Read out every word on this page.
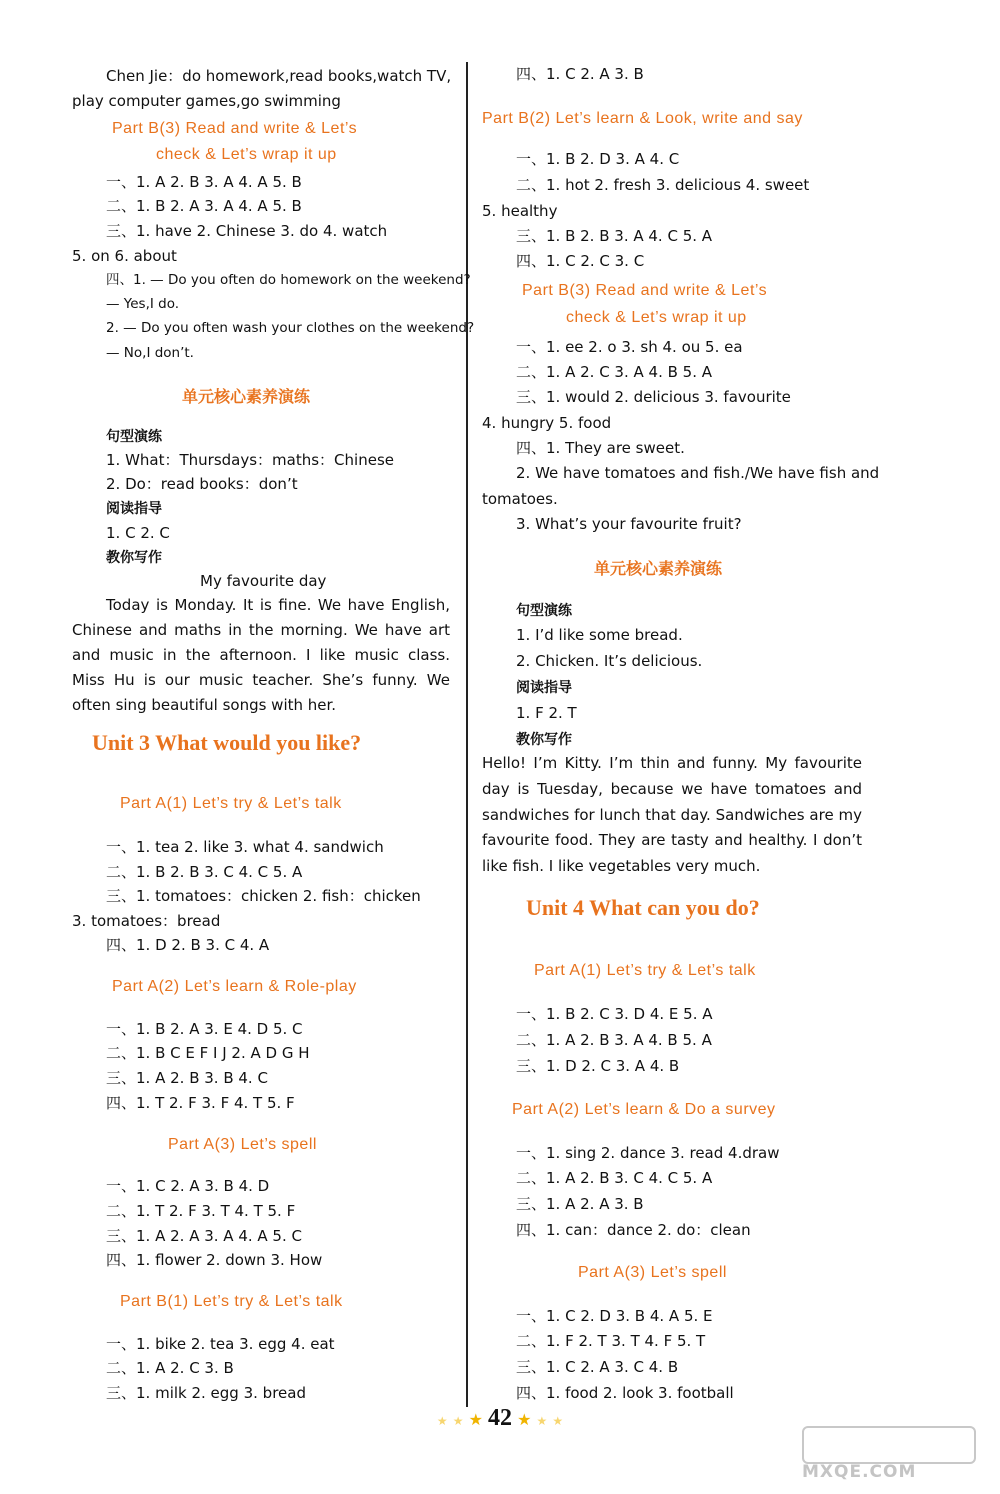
Chen Jie：do homework,read books,watch TV,
play computer games,go swimming
Part B(3) Read and write & Let’s
check & Let’s wrap it up
一、1. A 2. B 3. A 4. A 5. B
二、1. B 2. A 3. A 4. A 5. B
三、1. have 2. Chinese 3. do 4. watch
5. on 6. about
四、1. — Do you often do homework on the weekend?
— Yes,I do.
2. — Do you often wash your clothes on the weekend?
— No,I don’t.
单元核心素养演练
句型演练
1. What：Thursdays：maths：Chinese
2. Do：read books：don’t
阅读指导
1. C 2. C
教你写作
My favourite day
Today is Monday. It is fine. We have English, Chinese and maths in the morning. We have art and music in the afternoon. I like music class. Miss Hu is our music teacher. She’s funny. We often sing beautiful songs with her.
Unit 3 What would you like?
Part A(1) Let’s try & Let’s talk
一、1. tea 2. like 3. what 4. sandwich
二、1. B 2. B 3. C 4. C 5. A
三、1. tomatoes：chicken 2. fish：chicken
3. tomatoes：bread
四、1. D 2. B 3. C 4. A
Part A(2) Let’s learn & Role-play
一、1. B 2. A 3. E 4. D 5. C
二、1. B C E F I J 2. A D G H
三、1. A 2. B 3. B 4. C
四、1. T 2. F 3. F 4. T 5. F
Part A(3) Let’s spell
一、1. C 2. A 3. B 4. D
二、1. T 2. F 3. T 4. T 5. F
三、1. A 2. A 3. A 4. A 5. C
四、1. flower 2. down 3. How
Part B(1) Let’s try & Let’s talk
一、1. bike 2. tea 3. egg 4. eat
二、1. A 2. C 3. B
三、1. milk 2. egg 3. bread
四、1. C 2. A 3. B
Part B(2) Let’s learn & Look, write and say
一、1. B 2. D 3. A 4. C
二、1. hot 2. fresh 3. delicious 4. sweet
5. healthy
三、1. B 2. B 3. A 4. C 5. A
四、1. C 2. C 3. C
Part B(3) Read and write & Let’s
check & Let’s wrap it up
一、1. ee 2. o 3. sh 4. ou 5. ea
二、1. A 2. C 3. A 4. B 5. A
三、1. would 2. delicious 3. favourite
4. hungry 5. food
四、1. They are sweet.
2. We have tomatoes and fish./We have fish and
tomatoes.
3. What’s your favourite fruit?
单元核心素养演练
句型演练
1. I’d like some bread.
2. Chicken. It’s delicious.
阅读指导
1. F 2. T
教你写作
Hello! I’m Kitty. I’m thin and funny. My favourite day is Tuesday, because we have tomatoes and sandwiches for lunch that day. Sandwiches are my favourite food. They are tasty and healthy. I don’t like fish. I like vegetables very much.
Unit 4 What can you do?
Part A(1) Let’s try & Let’s talk
一、1. B 2. C 3. D 4. E 5. A
二、1. A 2. B 3. A 4. B 5. A
三、1. D 2. C 3. A 4. B
Part A(2) Let’s learn & Do a survey
一、1. sing 2. dance 3. read 4.draw
二、1. A 2. B 3. C 4. C 5. A
三、1. A 2. A 3. B
四、1. can：dance 2. do：clean
Part A(3) Let’s spell
一、1. C 2. D 3. B 4. A 5. E
二、1. F 2. T 3. T 4. F 5. T
三、1. C 2. A 3. C 4. B
四、1. food 2. look 3. football
★ ★ ★ 42 ★ ★ ★
MXQE.COM
